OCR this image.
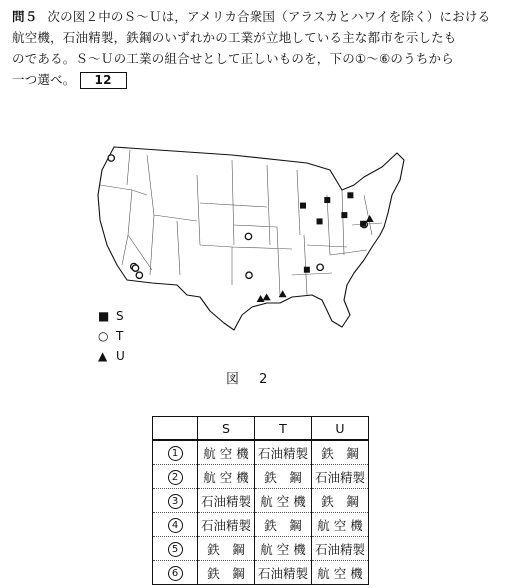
問５ 次の図２中のＳ～Ｕは，アメリカ合衆国（アラスカとハワイを除く）における
航空機，石油精製，鉄鋼のいずれかの工業が立地している主な都市を示したも
のである。Ｓ～Ｕの工業の組合せとして正しいものを，下の①～⑥のうちから
一つ選べ。 12
■ S
○ T
▲ U
図 2
	S	T	U
1	航 空 機	石油精製	鉄　鋼
2	航 空 機	鉄　鋼	石油精製
3	石油精製	航 空 機	鉄　鋼
4	石油精製	鉄　鋼	航 空 機
5	鉄　鋼	航 空 機	石油精製
6	鉄　鋼	石油精製	航 空 機
